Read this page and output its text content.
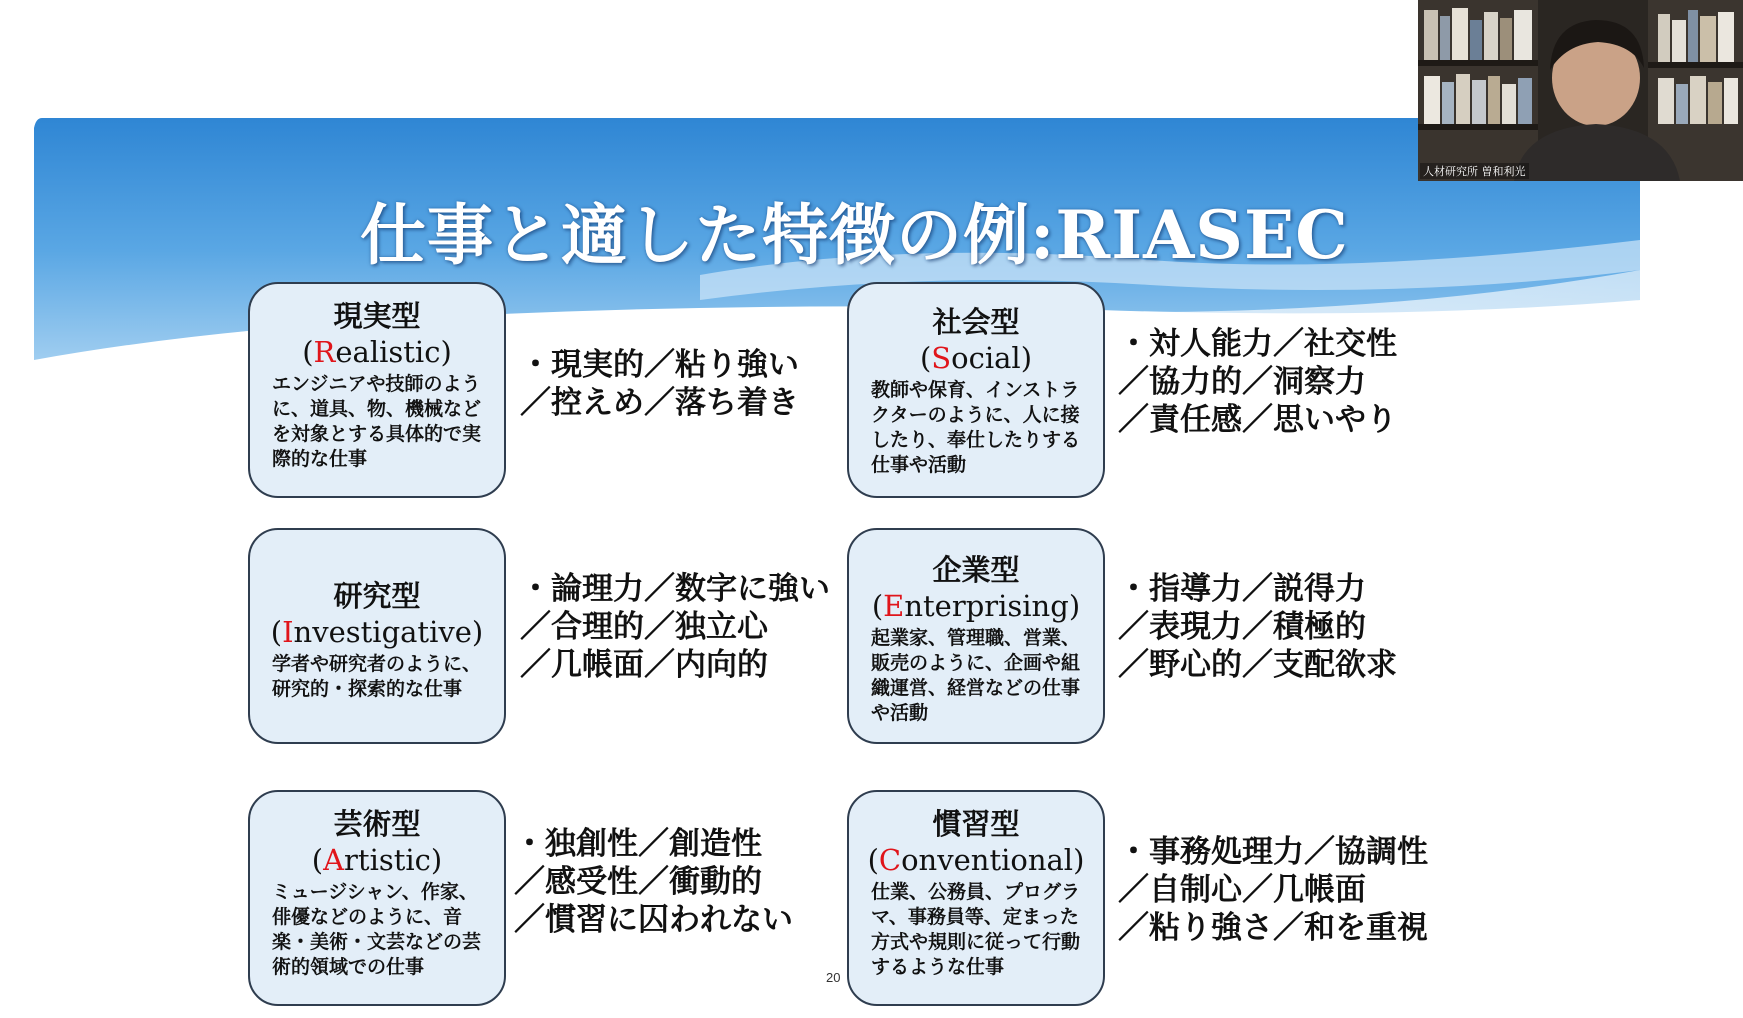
仕事と適した特徴の例:RIASEC
現実型
(Realistic)
エンジニアや技師のように、道具、物、機械などを対象とする具体的で実際的な仕事
・現実的／粘り強い
／控えめ／落ち着き
社会型
(Social)
教師や保育、インストラクターのように、人に接したり、奉仕したりする仕事や活動
・対人能力／社交性
／協力的／洞察力
／責任感／思いやり
研究型
(Investigative)
学者や研究者のように、研究的・探索的な仕事
・論理力／数字に強い
／合理的／独立心
／几帳面／内向的
企業型
(Enterprising)
起業家、管理職、営業、販売のように、企画や組織運営、経営などの仕事や活動
・指導力／説得力
／表現力／積極的
／野心的／支配欲求
芸術型
(Artistic)
ミュージシャン、作家、俳優などのように、音楽・美術・文芸などの芸術的領域での仕事
・独創性／創造性
／感受性／衝動的
／慣習に囚われない
慣習型
(Conventional)
仕業、公務員、プログラマ、事務員等、定まった方式や規則に従って行動するような仕事
・事務処理力／協調性
／自制心／几帳面
／粘り強さ／和を重視
20
人材研究所 曽和利光
